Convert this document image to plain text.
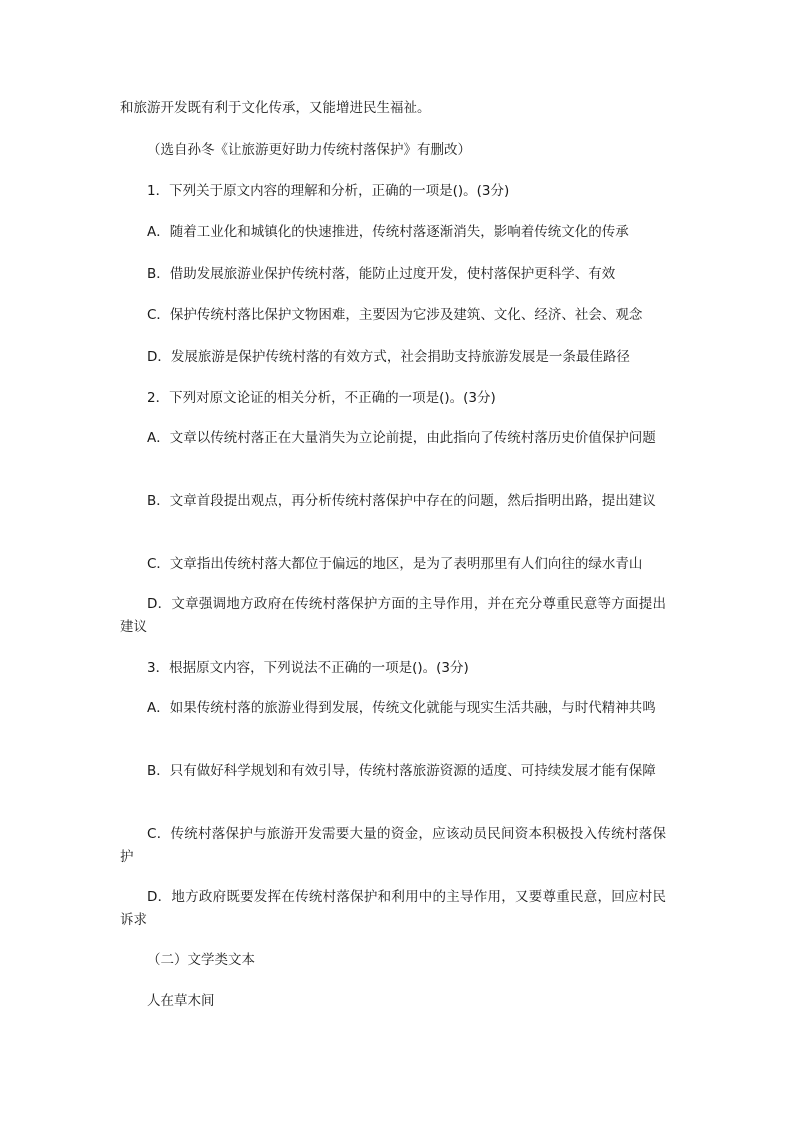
和旅游开发既有利于文化传承，又能增进民生福祉。
（选自孙冬《让旅游更好助力传统村落保护》有删改）
1．下列关于原文内容的理解和分析，正确的一项是()。(3分)
A．随着工业化和城镇化的快速推进，传统村落逐渐消失，影响着传统文化的传承
B．借助发展旅游业保护传统村落，能防止过度开发，使村落保护更科学、有效
C．保护传统村落比保护文物困难，主要因为它涉及建筑、文化、经济、社会、观念
D．发展旅游是保护传统村落的有效方式，社会捐助支持旅游发展是一条最佳路径
2．下列对原文论证的相关分析，不正确的一项是()。(3分)

A．文章以传统村落正在大量消失为立论前提，由此指向了传统村落历史价值保护问题

B．文章首段提出观点，再分析传统村落保护中存在的问题，然后指明出路，提出建议

C．文章指出传统村落大都位于偏远的地区，是为了表明那里有人们向往的绿水青山

D．文章强调地方政府在传统村落保护方面的主导作用，并在充分尊重民意等方面提出建议

3．根据原文内容，下列说法不正确的一项是()。(3分)

A．如果传统村落的旅游业得到发展，传统文化就能与现实生活共融，与时代精神共鸣

B．只有做好科学规划和有效引导，传统村落旅游资源的适度、可持续发展才能有保障

C．传统村落保护与旅游开发需要大量的资金，应该动员民间资本积极投入传统村落保护

D．地方政府既要发挥在传统村落保护和利用中的主导作用，又要尊重民意，回应村民诉求

（二）文学类文本
人在草木间
